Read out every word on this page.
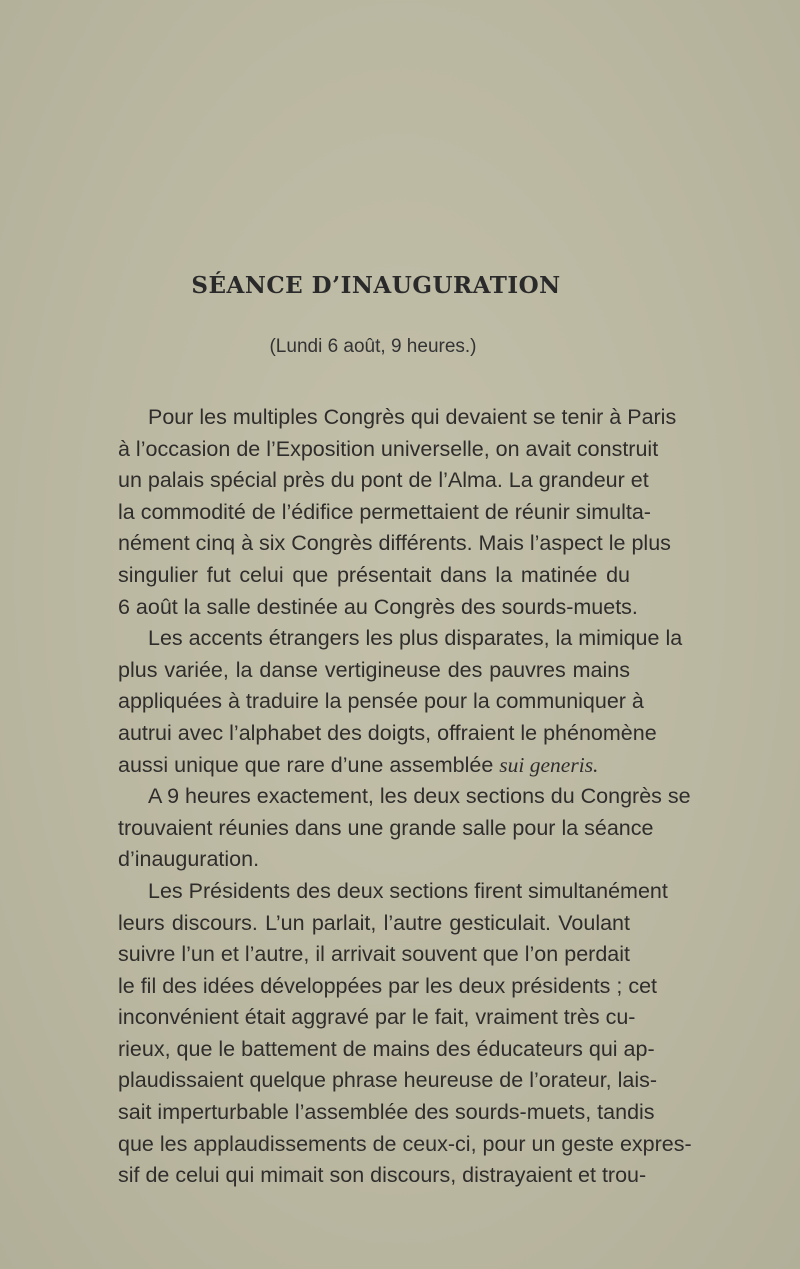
SÉANCE D’INAUGURATION
(Lundi 6 août, 9 heures.)
Pour les multiples Congrès qui devaient se tenir à Paris
à l’occasion de l’Exposition universelle, on avait construit
un palais spécial près du pont de l’Alma. La grandeur et
la commodité de l’édifice permettaient de réunir simulta-
nément cinq à six Congrès différents. Mais l’aspect le plus
singulier fut celui que présentait dans la matinée du
6 août la salle destinée au Congrès des sourds-muets.
Les accents étrangers les plus disparates, la mimique la
plus variée, la danse vertigineuse des pauvres mains
appliquées à traduire la pensée pour la communiquer à
autrui avec l’alphabet des doigts, offraient le phénomène
aussi unique que rare d’une assemblée sui generis.
A 9 heures exactement, les deux sections du Congrès se
trouvaient réunies dans une grande salle pour la séance
d’inauguration.
Les Présidents des deux sections firent simultanément
leurs discours. L’un parlait, l’autre gesticulait. Voulant
suivre l’un et l’autre, il arrivait souvent que l’on perdait
le fil des idées développées par les deux présidents ; cet
inconvénient était aggravé par le fait, vraiment très cu-
rieux, que le battement de mains des éducateurs qui ap-
plaudissaient quelque phrase heureuse de l’orateur, lais-
sait imperturbable l’assemblée des sourds-muets, tandis
que les applaudissements de ceux-ci, pour un geste expres-
sif de celui qui mimait son discours, distrayaient et trou-
